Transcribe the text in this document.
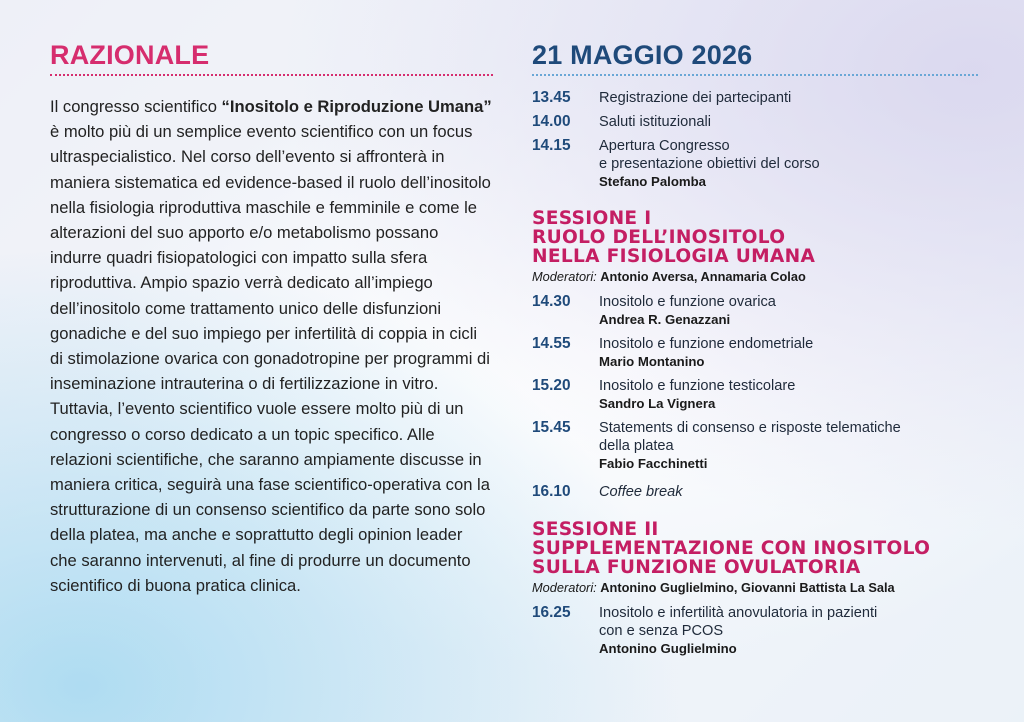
RAZIONALE
Il congresso scientifico “Inositolo e Riproduzione Umana” è molto più di un semplice evento scientifico con un focus ultraspecialistico. Nel corso dell’evento si affronterà in maniera sistematica ed evidence-based il ruolo dell’inositolo nella fisiologia riproduttiva maschile e femminile e come le alterazioni del suo apporto e/o metabolismo possano indurre quadri fisiopatologici con impatto sulla sfera riproduttiva. Ampio spazio verrà dedicato all’impiego dell’inositolo come trattamento unico delle disfunzioni gonadiche e del suo impiego per infertilità di coppia in cicli di stimolazione ovarica con gonadotropine per programmi di inseminazione intrauterina o di fertilizzazione in vitro. Tuttavia, l’evento scientifico vuole essere molto più di un congresso o corso dedicato a un topic specifico. Alle relazioni scientifiche, che saranno ampiamente discusse in maniera critica, seguirà una fase scientifico-operativa con la strutturazione di un consenso scientifico da parte sono solo della platea, ma anche e soprattutto degli opinion leader che saranno intervenuti, al fine di produrre un documento scientifico di buona pratica clinica.
21 MAGGIO 2026
13.45 Registrazione dei partecipanti
14.00 Saluti istituzionali
14.15 Apertura Congresso
e presentazione obiettivi del corso
Stefano Palomba
SESSIONE I
RUOLO DELL’INOSITOLO
NELLA FISIOLOGIA UMANA
Moderatori: Antonio Aversa, Annamaria Colao
14.30 Inositolo e funzione ovarica
Andrea R. Genazzani
14.55 Inositolo e funzione endometriale
Mario Montanino
15.20 Inositolo e funzione testicolare
Sandro La Vignera
15.45 Statements di consenso e risposte telematiche
della platea
Fabio Facchinetti
16.10 Coffee break
SESSIONE II
SUPPLEMENTAZIONE CON INOSITOLO
SULLA FUNZIONE OVULATORIA
Moderatori: Antonino Guglielmino, Giovanni Battista La Sala
16.25 Inositolo e infertilità anovulatoria in pazienti
con e senza PCOS
Antonino Guglielmino
